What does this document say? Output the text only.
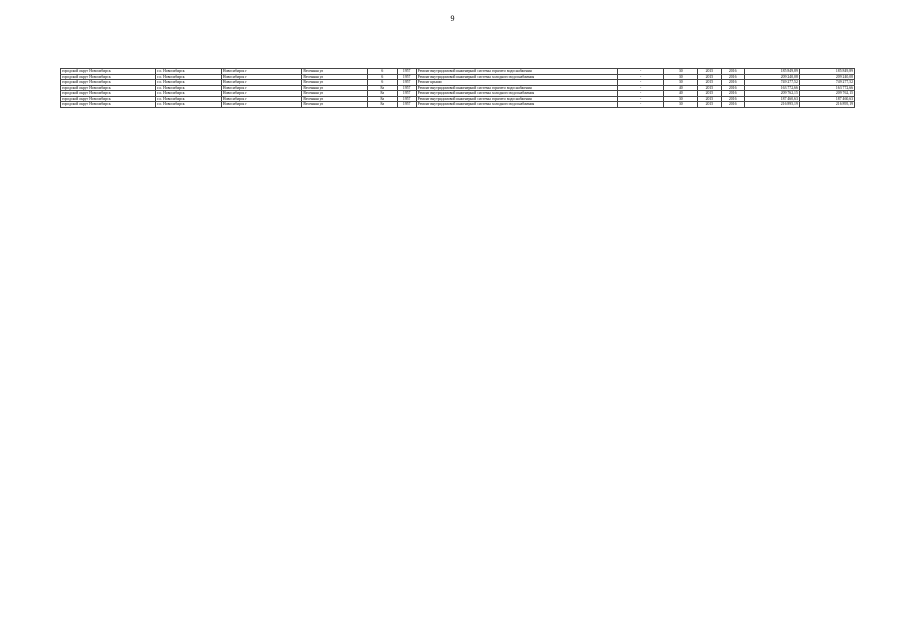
9
городской округ Новосибирск	г.о. Новосибирск	Новосибирск г	Весенняя ул	6	1957	Ремонт внутридомовой инженерной системы горячего водоснабжения	-	30	2015	2016	185 849,89	185 849,89
городской округ Новосибирск	г.о. Новосибирск	Новосибирск г	Весенняя ул	6	1957	Ремонт внутридомовой инженерной системы холодного водоснабжения	-	30	2015	2016	209 240,08	209 240,08
городской округ Новосибирск	г.о. Новосибирск	Новосибирск г	Весенняя ул	6	1957	Ремонт крыши	-	30	2015	2016	749 277,52	749 277,52
городской округ Новосибирск	г.о. Новосибирск	Новосибирск г	Весенняя ул	8а	1957	Ремонт внутридомовой инженерной системы горячего водоснабжения	-	40	2015	2016	163 772,66	163 772,66
городской округ Новосибирск	г.о. Новосибирск	Новосибирск г	Весенняя ул	8а	1957	Ремонт внутридомовой инженерной системы холодного водоснабжения	-	40	2015	2016	209 762,15	209 762,15
городской округ Новосибирск	г.о. Новосибирск	Новосибирск г	Весенняя ул	8а	1957	Ремонт внутридомовой инженерной системы горячего водоснабжения	-	30	2015	2016	187 460,63	187 460,63
городской округ Новосибирск	г.о. Новосибирск	Новосибирск г	Весенняя ул	8а	1957	Ремонт внутридомовой инженерной системы холодного водоснабжения	-	30	2015	2016	216 895,19	216 895,19
